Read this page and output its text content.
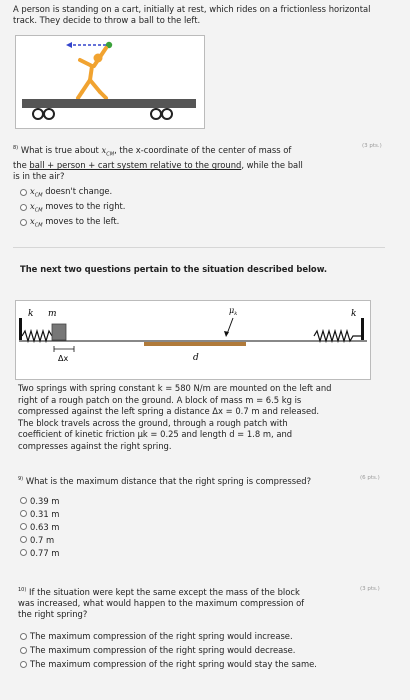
A person is standing on a cart, initially at rest, which rides on a frictionless horizontal track. They decide to throw a ball to the left.
$^{8)}$ What is true about $x_{CM}$, the x-coordinate of the center of mass of
the ball + person + cart system relative to the ground, while the ball
is in the air?
(3 pts.)
$x_{CM}$ doesn't change.
$x_{CM}$ moves to the right.
$x_{CM}$ moves to the left.
The next two questions pertain to the situation described below.
k m	$\mu_k$	k
Δx	d
Two springs with spring constant k = 580 N/m are mounted on the left and
right of a rough patch on the ground. A block of mass m = 6.5 kg is
compressed against the left spring a distance Δx = 0.7 m and released.
The block travels across the ground, through a rough patch with
coefficient of kinetic friction μk = 0.25 and length d = 1.8 m, and
compresses against the right spring.
$^{9)}$ What is the maximum distance that the right spring is compressed?	(6 pts.)
0.39 m
0.31 m
0.63 m
0.7 m
0.77 m
$^{10)}$ If the situation were kept the same except the mass of the block
was increased, what would happen to the maximum compression of
the right spring?
(3 pts.)
The maximum compression of the right spring would increase.
The maximum compression of the right spring would decrease.
The maximum compression of the right spring would stay the same.
